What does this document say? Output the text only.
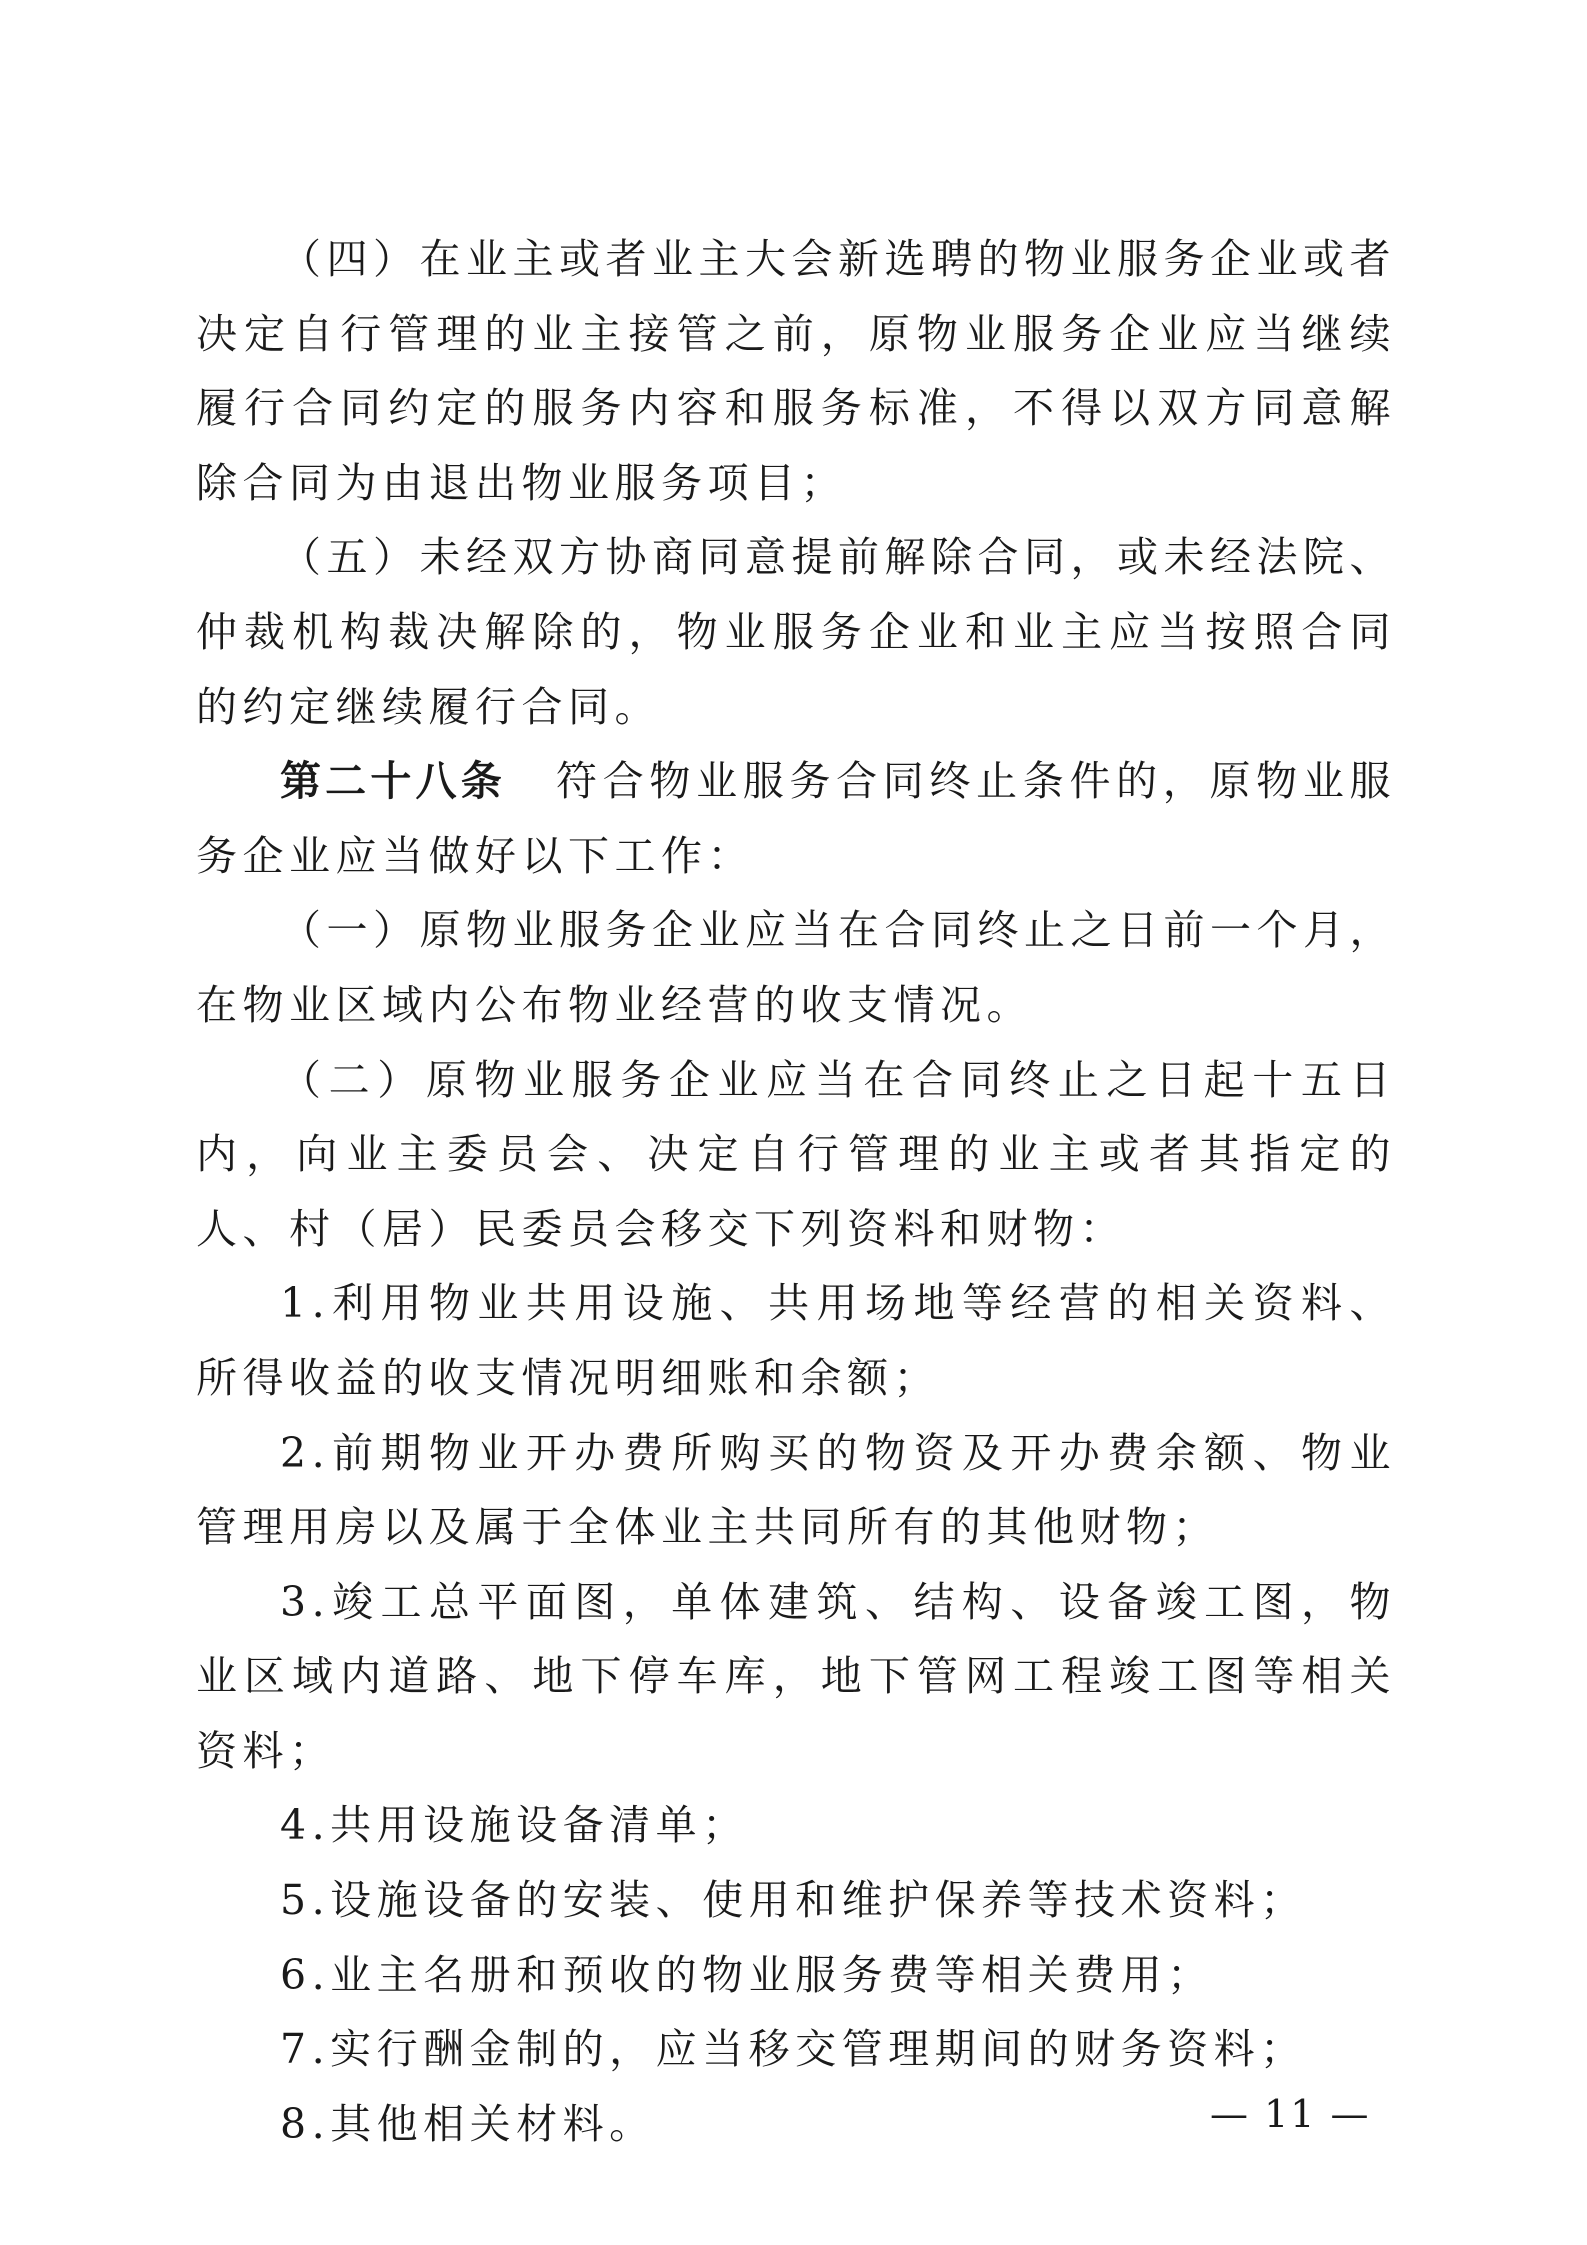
（四）在业主或者业主大会新选聘的物业服务企业或者决定自行管理的业主接管之前，原物业服务企业应当继续履行合同约定的服务内容和服务标准，不得以双方同意解除合同为由退出物业服务项目；

（五）未经双方协商同意提前解除合同，或未经法院、仲裁机构裁决解除的，物业服务企业和业主应当按照合同的约定继续履行合同。

第二十八条 符合物业服务合同终止条件的，原物业服务企业应当做好以下工作：

（一）原物业服务企业应当在合同终止之日前一个月，在物业区域内公布物业经营的收支情况。

（二）原物业服务企业应当在合同终止之日起十五日内，向业主委员会、决定自行管理的业主或者其指定的人、村（居）民委员会移交下列资料和财物：

1.利用物业共用设施、共用场地等经营的相关资料、所得收益的收支情况明细账和余额；

2.前期物业开办费所购买的物资及开办费余额、物业管理用房以及属于全体业主共同所有的其他财物；

3.竣工总平面图，单体建筑、结构、设备竣工图，物业区域内道路、地下停车库，地下管网工程竣工图等相关资料；

4.共用设施设备清单；

5.设施设备的安装、使用和维护保养等技术资料；

6.业主名册和预收的物业服务费等相关费用；

7.实行酬金制的，应当移交管理期间的财务资料；

8.其他相关材料。	— 11 —
